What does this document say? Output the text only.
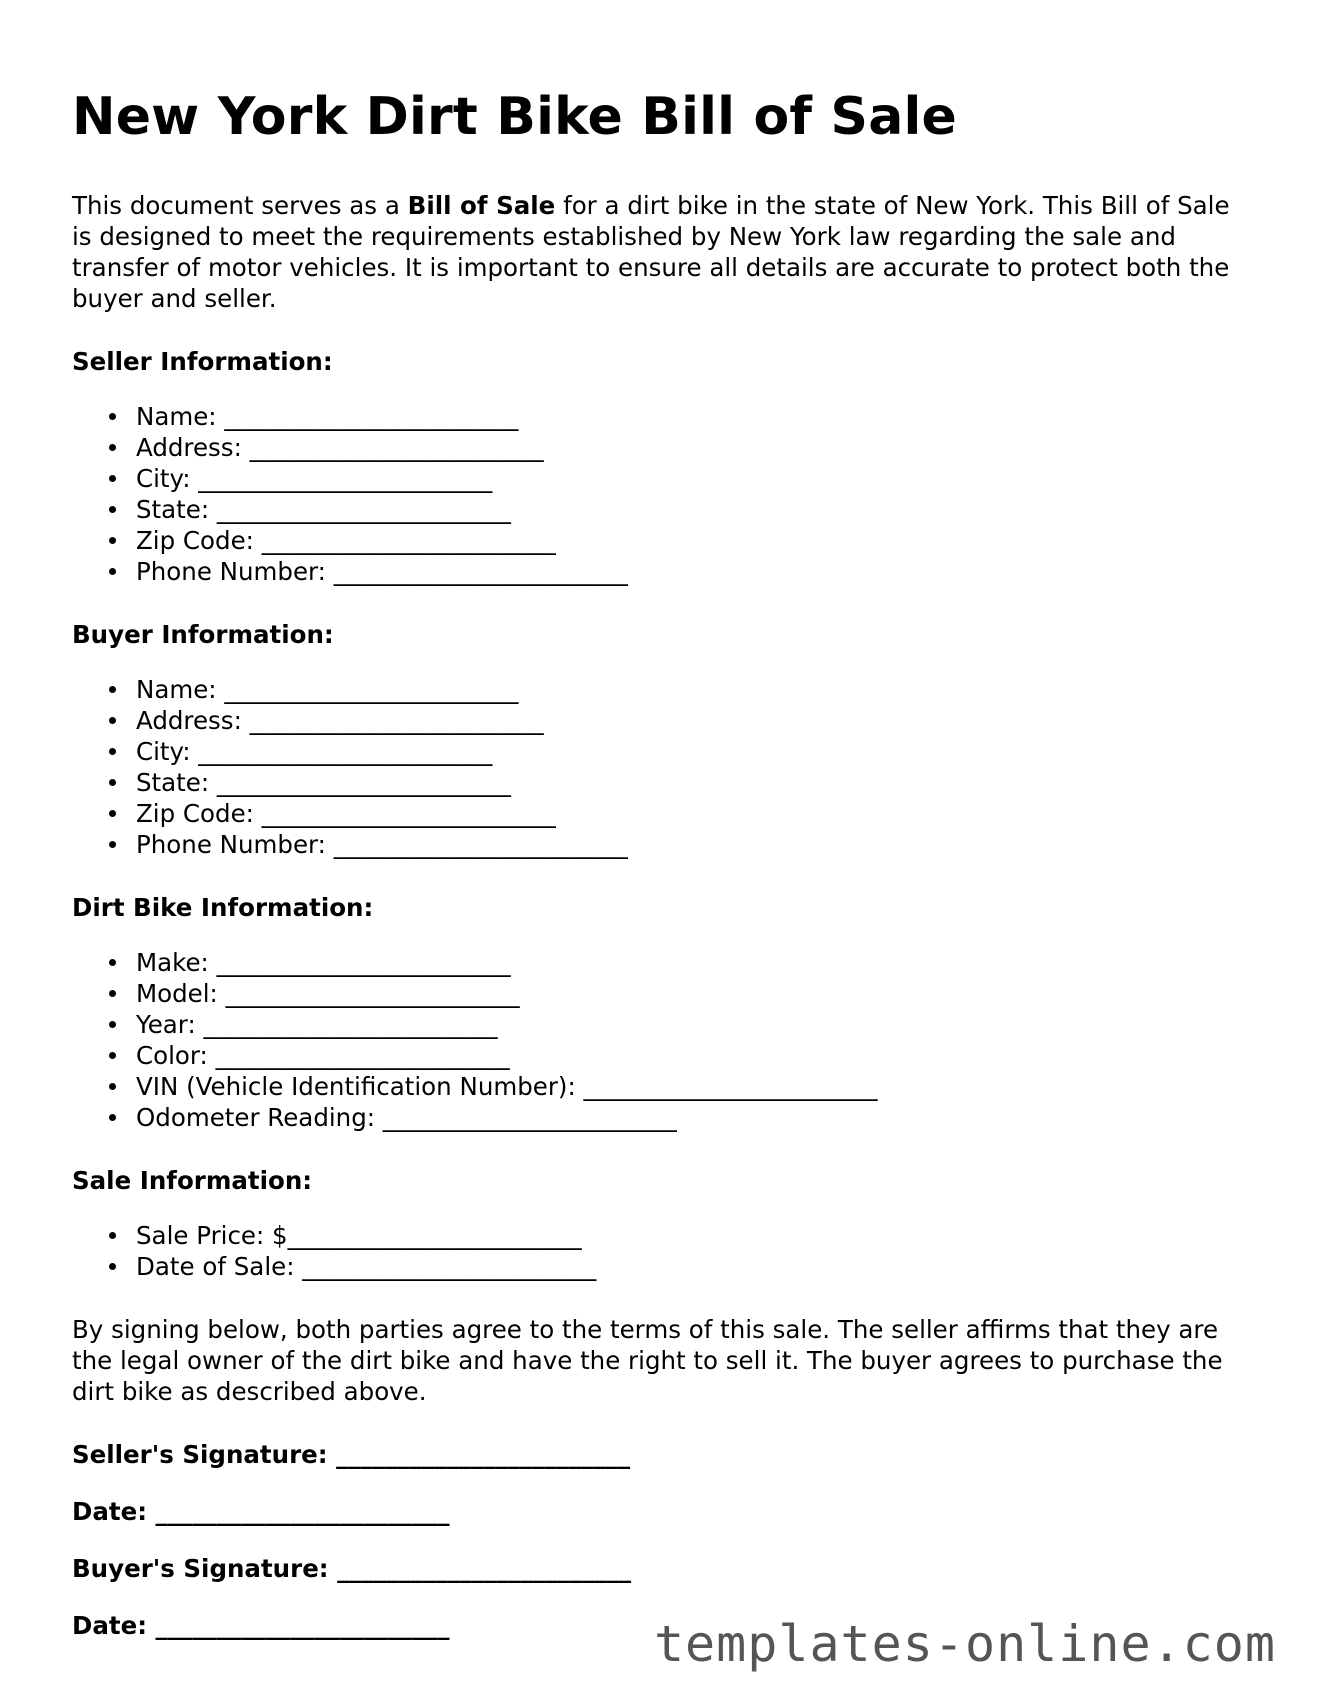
New York Dirt Bike Bill of Sale

This document serves as a Bill of Sale for a dirt bike in the state of New York. This Bill of Sale is designed to meet the requirements established by New York law regarding the sale and transfer of motor vehicles. It is important to ensure all details are accurate to protect both the buyer and seller.

Seller Information:

Name: ________________________
Address: ________________________
City: ________________________
State: ________________________
Zip Code: ________________________
Phone Number: ________________________

Buyer Information:

Name: ________________________
Address: ________________________
City: ________________________
State: ________________________
Zip Code: ________________________
Phone Number: ________________________

Dirt Bike Information:

Make: ________________________
Model: ________________________
Year: ________________________
Color: ________________________
VIN (Vehicle Identification Number): ________________________
Odometer Reading: ________________________

Sale Information:

Sale Price: $________________________
Date of Sale: ________________________

By signing below, both parties agree to the terms of this sale. The seller affirms that they are the legal owner of the dirt bike and have the right to sell it. The buyer agrees to purchase the dirt bike as described above.

Seller's Signature: ________________________

Date: ________________________

Buyer's Signature: ________________________

Date: ________________________	templates-online.com
